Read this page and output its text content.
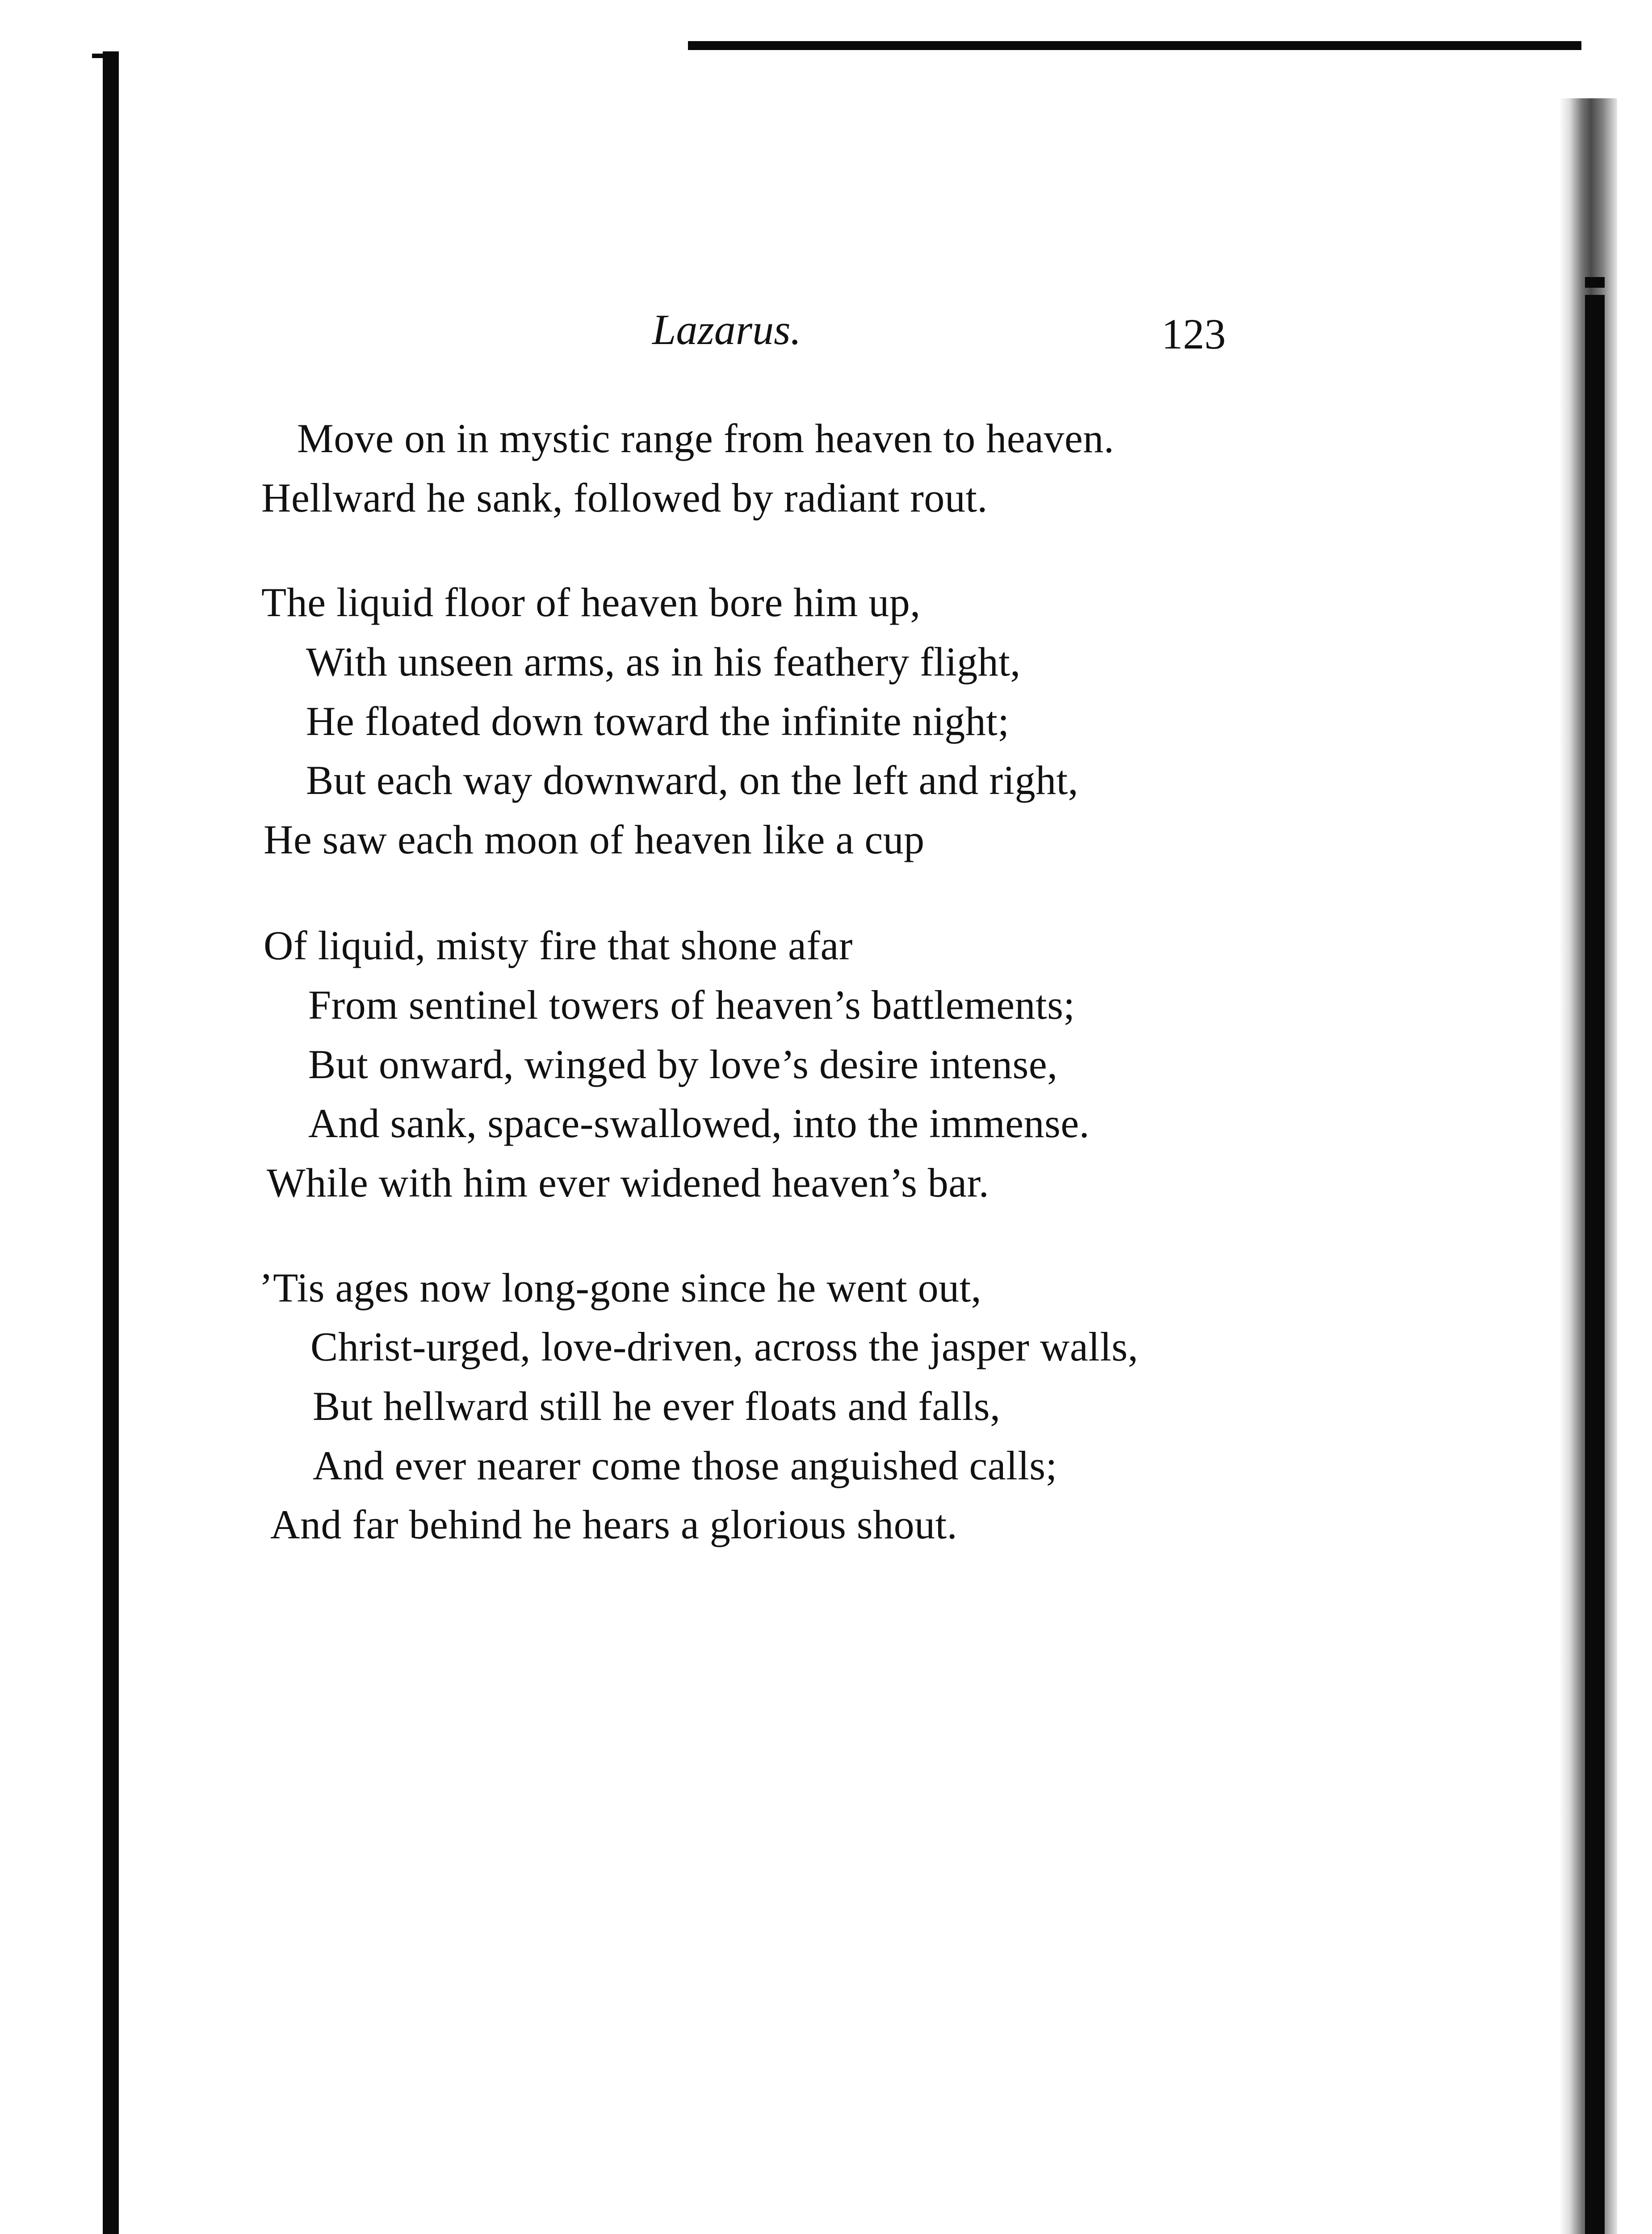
Lazarus.	123

Move on in mystic range from heaven to heaven.

Hellward he sank, followed by radiant rout.

The liquid floor of heaven bore him up,

With unseen arms, as in his feathery flight,

He floated down toward the infinite night;

But each way downward, on the left and right,

He saw each moon of heaven like a cup

Of liquid, misty fire that shone afar

From sentinel towers of heaven’s battlements;

But onward, winged by love’s desire intense,

And sank, space-swallowed, into the immense.

While with him ever widened heaven’s bar.

’Tis ages now long-gone since he went out,

Christ-urged, love-driven, across the jasper walls,

But hellward still he ever floats and falls,

And ever nearer come those anguished calls;

And far behind he hears a glorious shout.
